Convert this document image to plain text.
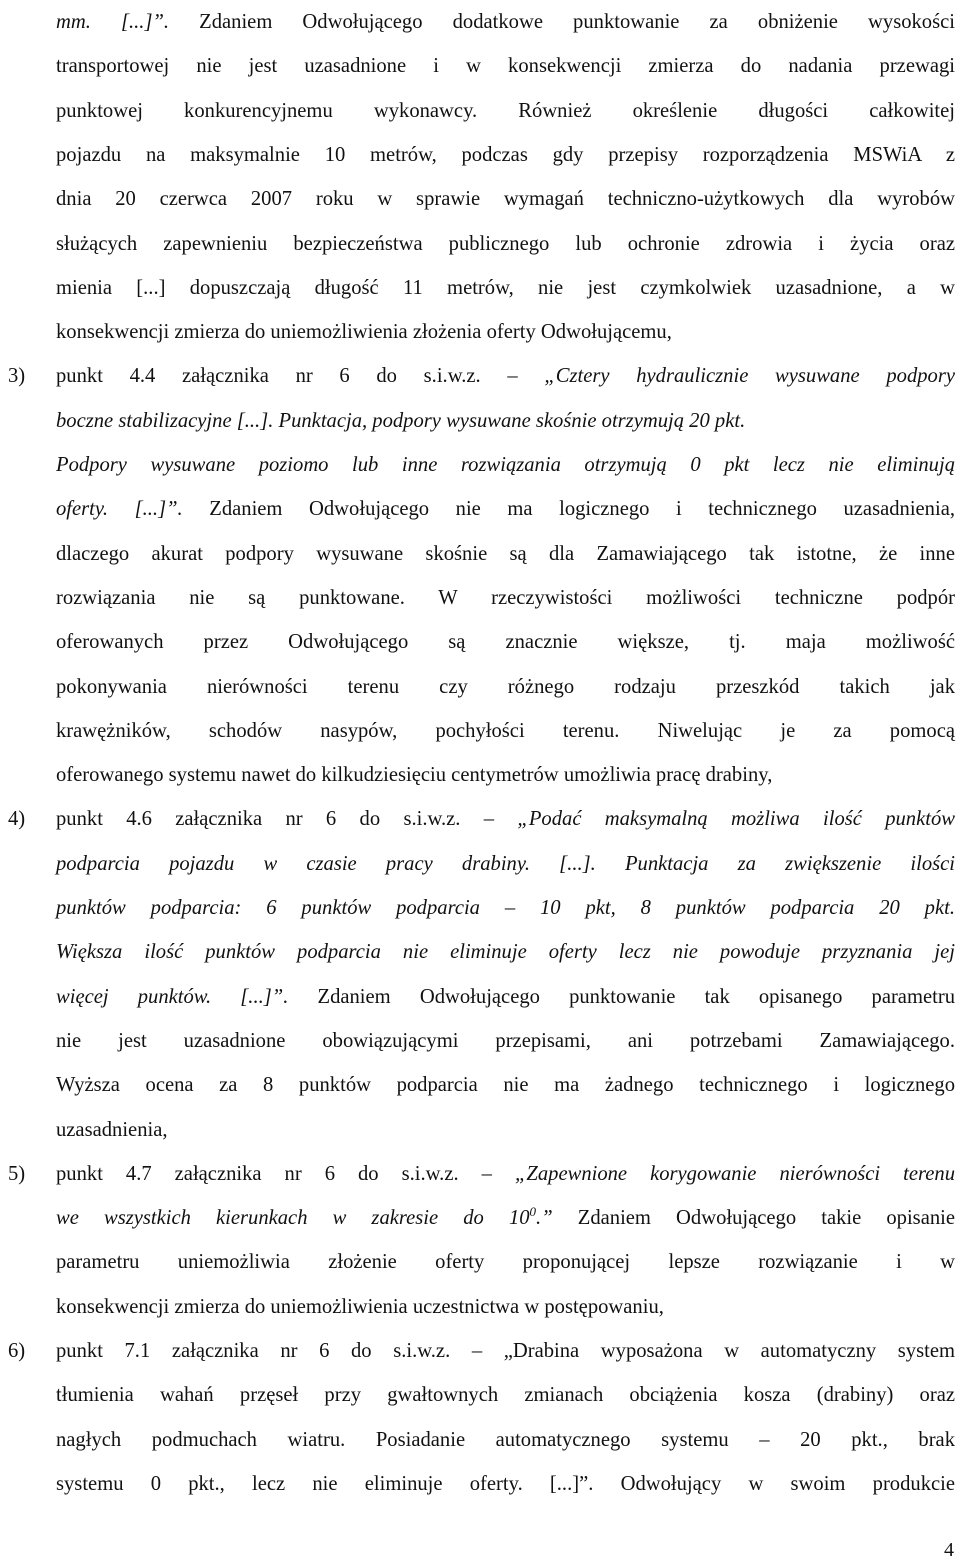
mm. [...]”. Zdaniem Odwołującego dodatkowe punktowanie za obniżenie wysokości
transportowej nie jest uzasadnione i w konsekwencji zmierza do nadania przewagi
punktowej konkurencyjnemu wykonawcy. Również określenie długości całkowitej
pojazdu na maksymalnie 10 metrów, podczas gdy przepisy rozporządzenia MSWiA z
dnia 20 czerwca 2007 roku w sprawie wymagań techniczno-użytkowych dla wyrobów
służących zapewnieniu bezpieczeństwa publicznego lub ochronie zdrowia i życia oraz
mienia [...] dopuszczają długość 11 metrów, nie jest czymkolwiek uzasadnione, a w
konsekwencji zmierza do uniemożliwienia złożenia oferty Odwołującemu,
3) punkt 4.4 załącznika nr 6 do s.i.w.z. – „Cztery hydraulicznie wysuwane podpory
boczne stabilizacyjne [...]. Punktacja, podpory wysuwane skośnie otrzymują 20 pkt.
Podpory wysuwane poziomo lub inne rozwiązania otrzymują 0 pkt lecz nie eliminują
oferty. [...]”. Zdaniem Odwołującego nie ma logicznego i technicznego uzasadnienia,
dlaczego akurat podpory wysuwane skośnie są dla Zamawiającego tak istotne, że inne
rozwiązania nie są punktowane. W rzeczywistości możliwości techniczne podpór
oferowanych przez Odwołującego są znacznie większe, tj. maja możliwość
pokonywania nierówności terenu czy różnego rodzaju przeszkód takich jak
krawężników, schodów nasypów, pochyłości terenu. Niwelując je za pomocą
oferowanego systemu nawet do kilkudziesięciu centymetrów umożliwia pracę drabiny,
4) punkt 4.6 załącznika nr 6 do s.i.w.z. – „Podać maksymalną możliwa ilość punktów
podparcia pojazdu w czasie pracy drabiny. [...]. Punktacja za zwiększenie ilości
punktów podparcia: 6 punktów podparcia – 10 pkt, 8 punktów podparcia 20 pkt.
Większa ilość punktów podparcia nie eliminuje oferty lecz nie powoduje przyznania jej
więcej punktów. [...]”. Zdaniem Odwołującego punktowanie tak opisanego parametru
nie jest uzasadnione obowiązującymi przepisami, ani potrzebami Zamawiającego.
Wyższa ocena za 8 punktów podparcia nie ma żadnego technicznego i logicznego
uzasadnienia,
5) punkt 4.7 załącznika nr 6 do s.i.w.z. – „Zapewnione korygowanie nierówności terenu
we wszystkich kierunkach w zakresie do $10^0$.” Zdaniem Odwołującego takie opisanie
parametru uniemożliwia złożenie oferty proponującej lepsze rozwiązanie i w
konsekwencji zmierza do uniemożliwienia uczestnictwa w postępowaniu,
6) punkt 7.1 załącznika nr 6 do s.i.w.z. – „Drabina wyposażona w automatyczny system
tłumienia wahań przęseł przy gwałtownych zmianach obciążenia kosza (drabiny) oraz
nagłych podmuchach wiatru. Posiadanie automatycznego systemu – 20 pkt., brak
systemu 0 pkt., lecz nie eliminuje oferty. [...]”. Odwołujący w swoim produkcie
4
